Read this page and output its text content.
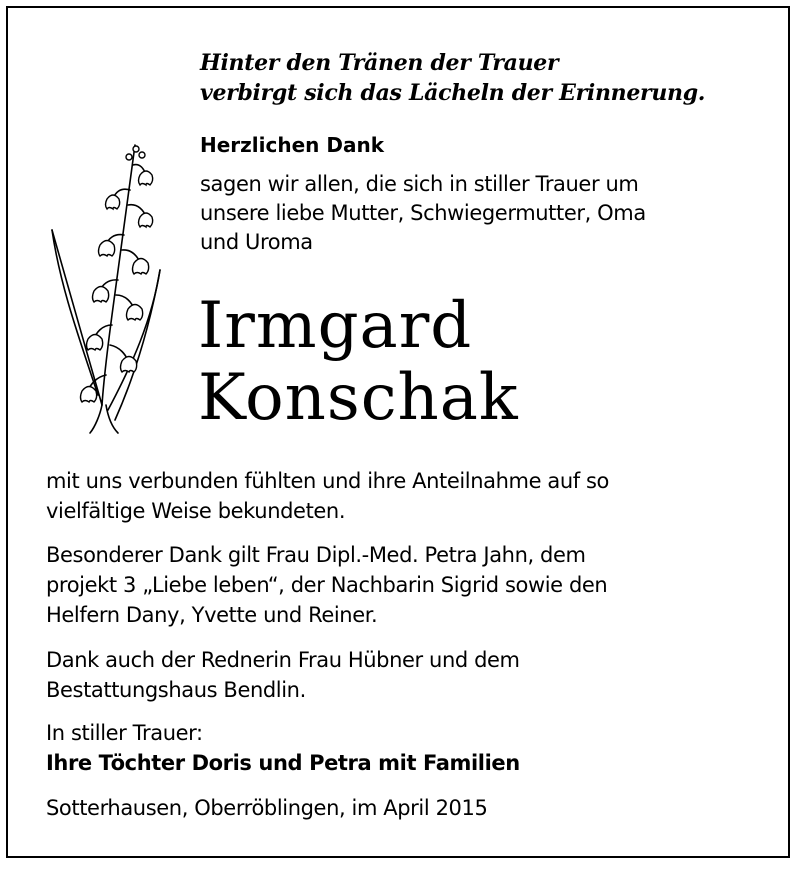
Hinter den Tränen der Trauer
verbirgt sich das Lächeln der Erinnerung.
Herzlichen Dank
sagen wir allen, die sich in stiller Trauer um
unsere liebe Mutter, Schwiegermutter, Oma
und Uroma
Irmgard
Konschak
mit uns verbunden fühlten und ihre Anteilnahme auf so
vielfältige Weise bekundeten.
Besonderer Dank gilt Frau Dipl.-Med. Petra Jahn, dem
projekt 3 „Liebe leben“, der Nachbarin Sigrid sowie den
Helfern Dany, Yvette und Reiner.
Dank auch der Rednerin Frau Hübner und dem
Bestattungshaus Bendlin.
In stiller Trauer:
Ihre Töchter Doris und Petra mit Familien
Sotterhausen, Oberröblingen, im April 2015
